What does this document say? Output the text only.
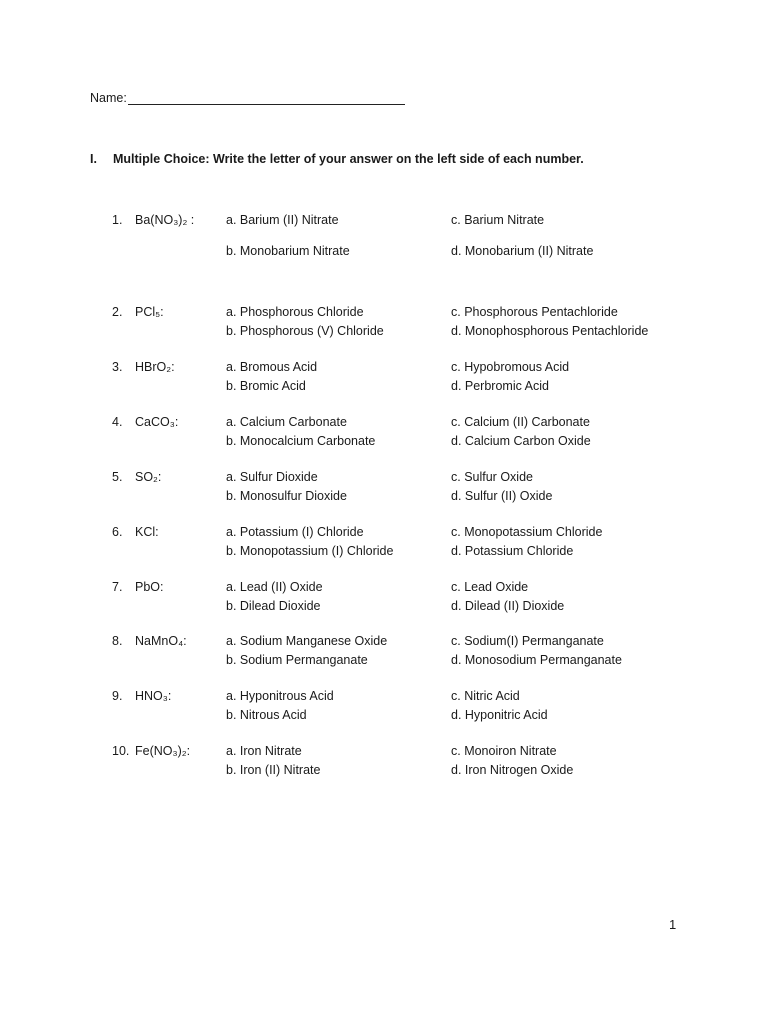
Name:
I. Multiple Choice: Write the letter of your answer on the left side of each number.
1.	Ba(NO₃)₂ :	a. Barium (II) Nitrate	c. Barium Nitrate
b. Monobarium Nitrate	d. Monobarium (II) Nitrate
2.	PCl₅:	a. Phosphorous Chloride	c. Phosphorous Pentachloride
b. Phosphorous (V) Chloride	d. Monophosphorous Pentachloride
3.	HBrO₂:	a. Bromous Acid	c. Hypobromous Acid
b. Bromic Acid	d. Perbromic Acid
4.	CaCO₃:	a. Calcium Carbonate	c. Calcium (II) Carbonate
b. Monocalcium Carbonate	d. Calcium Carbon Oxide
5.	SO₂:	a. Sulfur Dioxide	c. Sulfur Oxide
b. Monosulfur Dioxide	d. Sulfur (II) Oxide
6.	KCl:	a. Potassium (I) Chloride	c. Monopotassium Chloride
b. Monopotassium (I) Chloride	d. Potassium Chloride
7.	PbO:	a. Lead (II) Oxide	c. Lead Oxide
b. Dilead Dioxide	d. Dilead (II) Dioxide
8.	NaMnO₄:	a. Sodium Manganese Oxide	c. Sodium(I) Permanganate
b. Sodium Permanganate	d. Monosodium Permanganate
9.	HNO₃:	a. Hyponitrous Acid	c. Nitric Acid
b. Nitrous Acid	d. Hyponitric Acid
10. Fe(NO₃)₂:	a. Iron Nitrate	c. Monoiron Nitrate
b. Iron (II) Nitrate	d. Iron Nitrogen Oxide
1
